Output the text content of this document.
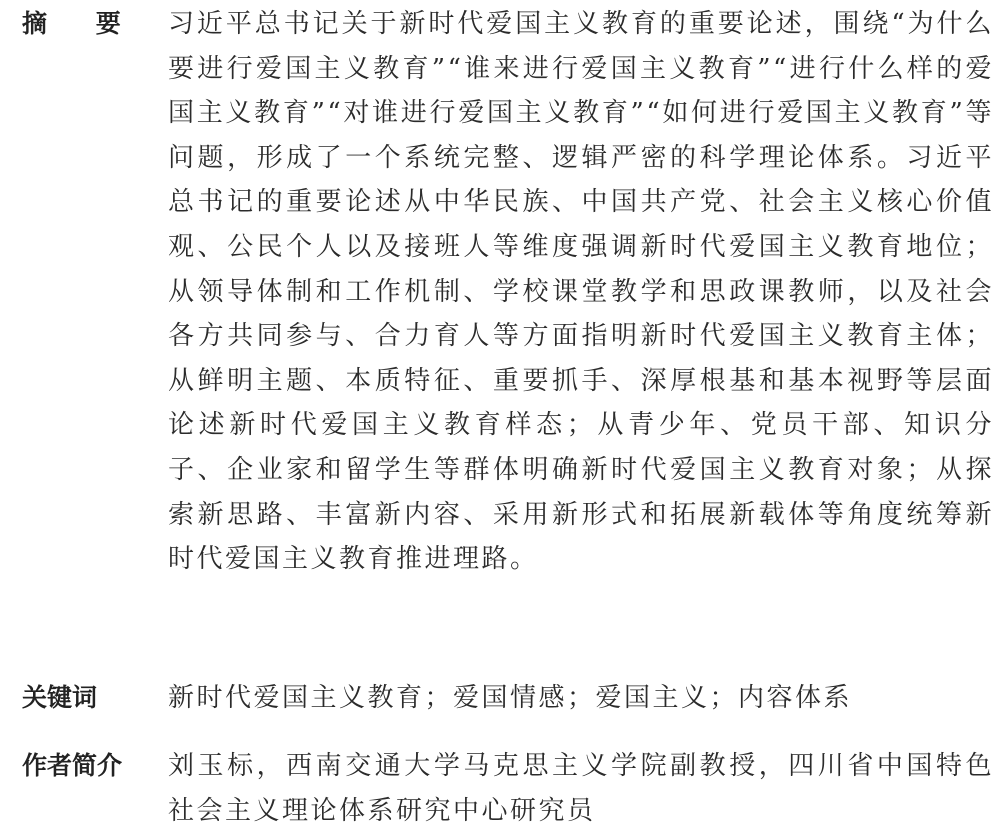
摘 要 习近平总书记关于新时代爱国主义教育的重要论述，围绕“为什么要进行爱国主义教育”“谁来进行爱国主义教育”“进行什么样的爱国主义教育”“对谁进行爱国主义教育”“如何进行爱国主义教育”等问题，形成了一个系统完整、逻辑严密的科学理论体系。习近平总书记的重要论述从中华民族、中国共产党、社会主义核心价值观、公民个人以及接班人等维度强调新时代爱国主义教育地位；从领导体制和工作机制、学校课堂教学和思政课教师，以及社会各方共同参与、合力育人等方面指明新时代爱国主义教育主体；从鲜明主题、本质特征、重要抓手、深厚根基和基本视野等层面论述新时代爱国主义教育样态；从青少年、党员干部、知识分子、企业家和留学生等群体明确新时代爱国主义教育对象；从探索新思路、丰富新内容、采用新形式和拓展新载体等角度统筹新时代爱国主义教育推进理路。
关键词	新时代爱国主义教育；爱国情感；爱国主义；内容体系
作者简介 刘玉标，西南交通大学马克思主义学院副教授，四川省中国特色社会主义理论体系研究中心研究员
